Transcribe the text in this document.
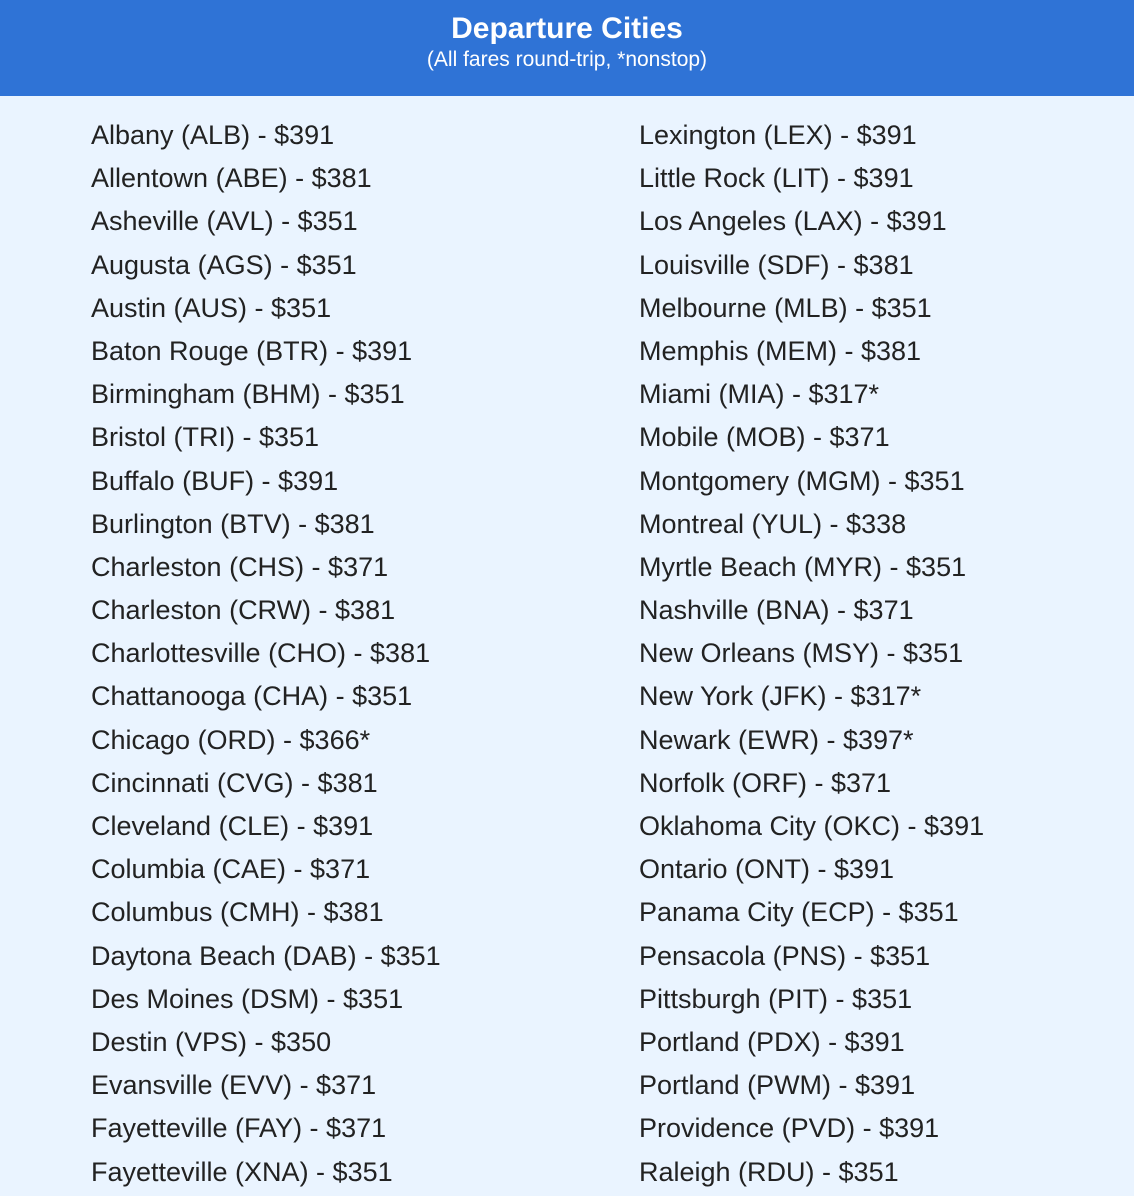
Departure Cities
(All fares round-trip, *nonstop)
Albany (ALB) - $391
Allentown (ABE) - $381
Asheville (AVL) - $351
Augusta (AGS) - $351
Austin (AUS) - $351
Baton Rouge (BTR) - $391
Birmingham (BHM) - $351
Bristol (TRI) - $351
Buffalo (BUF) - $391
Burlington (BTV) - $381
Charleston (CHS) - $371
Charleston (CRW) - $381
Charlottesville (CHO) - $381
Chattanooga (CHA) - $351
Chicago (ORD) - $366*
Cincinnati (CVG) - $381
Cleveland (CLE) - $391
Columbia (CAE) - $371
Columbus (CMH) - $381
Daytona Beach (DAB) - $351
Des Moines (DSM) - $351
Destin (VPS) - $350
Evansville (EVV) - $371
Fayetteville (FAY) - $371
Fayetteville (XNA) - $351
Lexington (LEX) - $391
Little Rock (LIT) - $391
Los Angeles (LAX) - $391
Louisville (SDF) - $381
Melbourne (MLB) - $351
Memphis (MEM) - $381
Miami (MIA) - $317*
Mobile (MOB) - $371
Montgomery (MGM) - $351
Montreal (YUL) - $338
Myrtle Beach (MYR) - $351
Nashville (BNA) - $371
New Orleans (MSY) - $351
New York (JFK) - $317*
Newark (EWR) - $397*
Norfolk (ORF) - $371
Oklahoma City (OKC) - $391
Ontario (ONT) - $391
Panama City (ECP) - $351
Pensacola (PNS) - $351
Pittsburgh (PIT) - $351
Portland (PDX) - $391
Portland (PWM) - $391
Providence (PVD) - $391
Raleigh (RDU) - $351
